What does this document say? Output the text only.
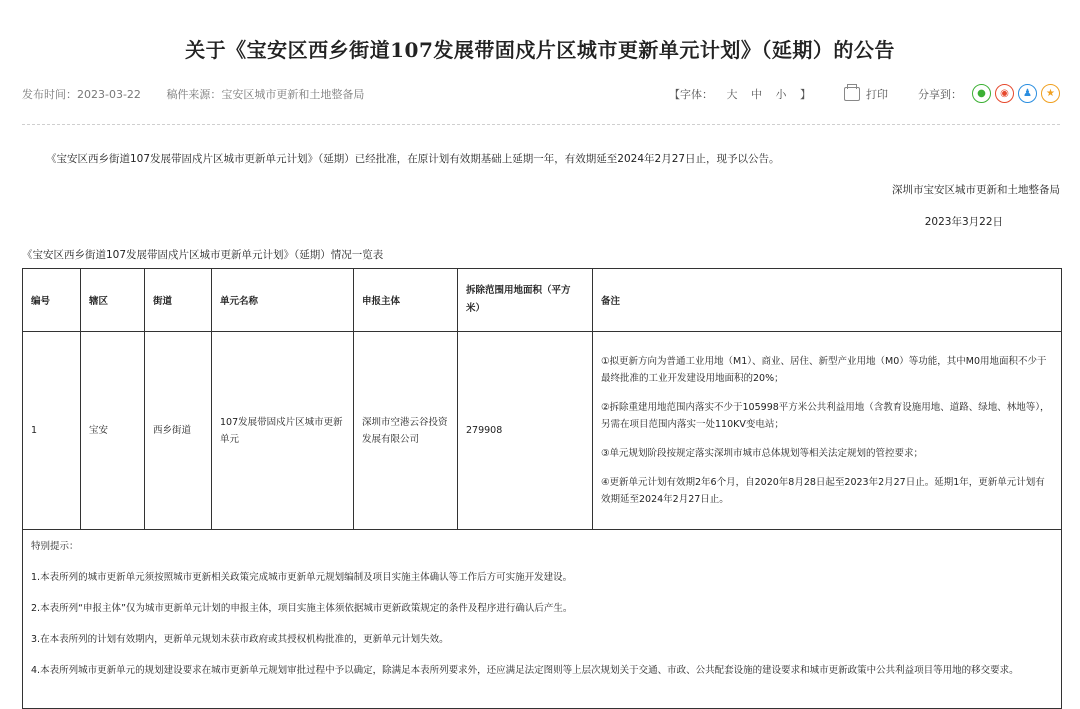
关于《宝安区西乡街道107发展带固戍片区城市更新单元计划》（延期）的公告
发布时间：2023-03-22 稿件来源：宝安区城市更新和土地整备局	【字体： 大 中 小 】	打印	分享到： ● ◉ ♟ ★
《宝安区西乡街道107发展带固戍片区城市更新单元计划》（延期）已经批准，在原计划有效期基础上延期一年，有效期延至2024年2月27日止，现予以公告。
深圳市宝安区城市更新和土地整备局
2023年3月22日
《宝安区西乡街道107发展带固戍片区城市更新单元计划》（延期）情况一览表
编号	辖区	街道	单元名称	申报主体	拆除范围用地面积（平方米）	备注
1	宝安	西乡街道	107发展带固戍片区城市更新单元	深圳市空港云谷投资发展有限公司	279908	①拟更新方向为普通工业用地（M1）、商业、居住、新型产业用地（M0）等功能，其中M0用地面积不少于最终批准的工业开发建设用地面积的20%；

②拆除重建用地范围内落实不少于105998平方米公共利益用地（含教育设施用地、道路、绿地、林地等），另需在项目范围内落实一处110KV变电站；

③单元规划阶段按规定落实深圳市城市总体规划等相关法定规划的管控要求；

④更新单元计划有效期2年6个月，自2020年8月28日起至2023年2月27日止。延期1年，更新单元计划有效期延至2024年2月27日止。

特别提示：

1.本表所列的城市更新单元须按照城市更新相关政策完成城市更新单元规划编制及项目实施主体确认等工作后方可实施开发建设。

2.本表所列“申报主体”仅为城市更新单元计划的申报主体，项目实施主体须依据城市更新政策规定的条件及程序进行确认后产生。

3.在本表所列的计划有效期内，更新单元规划未获市政府或其授权机构批准的，更新单元计划失效。

4.本表所列城市更新单元的规划建设要求在城市更新单元规划审批过程中予以确定，除满足本表所列要求外，还应满足法定图则等上层次规划关于交通、市政、公共配套设施的建设要求和城市更新政策中公共利益项目等用地的移交要求。						
